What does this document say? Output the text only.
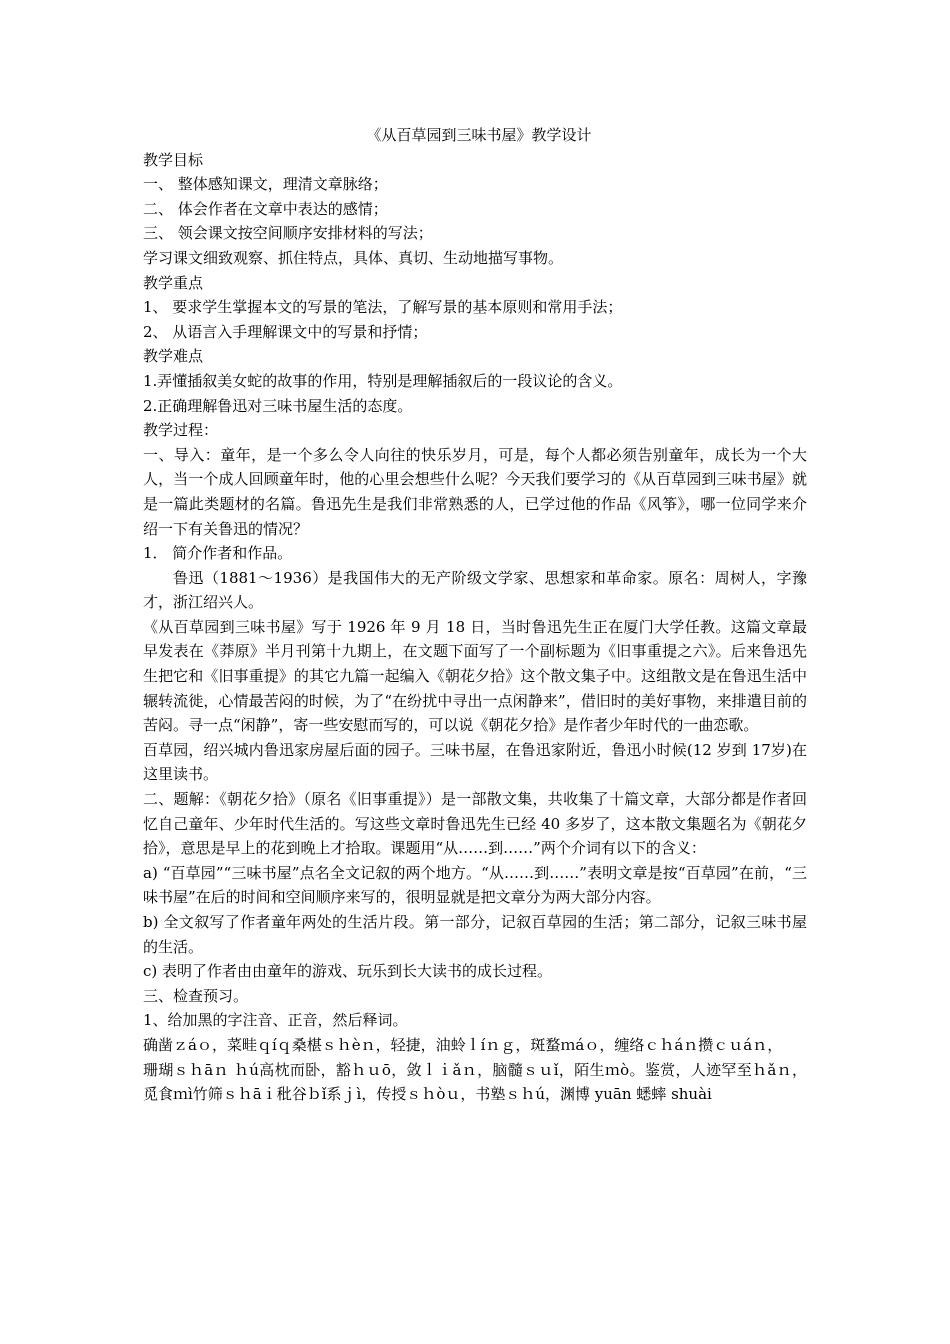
《从百草园到三味书屋》教学设计

教学目标

一、 整体感知课文，理清文章脉络；

二、 体会作者在文章中表达的感情；

三、 领会课文按空间顺序安排材料的写法；

学习课文细致观察、抓住特点，具体、真切、生动地描写事物。

教学重点

1、 要求学生掌握本文的写景的笔法，了解写景的基本原则和常用手法；

2、 从语言入手理解课文中的写景和抒情；

教学难点

1.弄懂插叙美女蛇的故事的作用，特别是理解插叙后的一段议论的含义。

2.正确理解鲁迅对三味书屋生活的态度。

教学过程：

一、导入：童年，是一个多么令人向往的快乐岁月，可是，每个人都必须告别童年，成长为一个大人，当一个成人回顾童年时，他的心里会想些什么呢？今天我们要学习的《从百草园到三味书屋》就是一篇此类题材的名篇。鲁迅先生是我们非常熟悉的人，已学过他的作品《风筝》，哪一位同学来介绍一下有关鲁迅的情况？

1． 简介作者和作品。

鲁迅（1881～1936）是我国伟大的无产阶级文学家、思想家和革命家。原名：周树人，字豫才，浙江绍兴人。

《从百草园到三味书屋》写于 1926 年 9 月 18 日，当时鲁迅先生正在厦门大学任教。这篇文章最早发表在《莽原》半月刊第十九期上，在文题下面写了一个副标题为《旧事重提之六》。后来鲁迅先生把它和《旧事重提》的其它九篇一起编入《朝花夕拾》这个散文集子中。这组散文是在鲁迅生活中辗转流徙，心情最苦闷的时候，为了“在纷扰中寻出一点闲静来”，借旧时的美好事物，来排遣目前的苦闷。寻一点“闲静”，寄一些安慰而写的，可以说《朝花夕拾》是作者少年时代的一曲恋歌。

百草园，绍兴城内鲁迅家房屋后面的园子。三味书屋，在鲁迅家附近，鲁迅小时候(12 岁到 17岁)在这里读书。

二、题解：《朝花夕拾》（原名《旧事重提》）是一部散文集，共收集了十篇文章，大部分都是作者回忆自己童年、少年时代生活的。写这些文章时鲁迅先生已经 40 多岁了，这本散文集题名为《朝花夕拾》，意思是早上的花到晚上才拾取。课题用“从……到……”两个介词有以下的含义：

a) “百草园”“三味书屋”点名全文记叙的两个地方。“从……到……”表明文章是按“百草园”在前，“三味书屋”在后的时间和空间顺序来写的，很明显就是把文章分为两大部分内容。

b) 全文叙写了作者童年两处的生活片段。第一部分，记叙百草园的生活；第二部分，记叙三味书屋的生活。

c) 表明了作者由由童年的游戏、玩乐到长大读书的成长过程。

三、检查预习。

1、给加黑的字注音、正音，然后释词。

确凿ｚáｏ，菜畦ｑíｑ桑椹ｓｈèｎ，轻捷，油蛉ｌíｎｇ，斑蝥ｍáｏ，缠络ｃｈáｎ攒ｃｕáｎ，

珊瑚ｓｈāｎ ｈú高枕而卧，豁ｈｕō，敛ｌｉǎｎ，脑髓ｓｕǐ，陌生ｍò。鉴赏，人迹罕至ｈǎｎ，觅食ｍì竹筛ｓｈāｉ秕谷ｂǐ系ｊì，传授ｓｈòｕ，书塾ｓｈú，渊博 yuān 蟋蟀 shuài
